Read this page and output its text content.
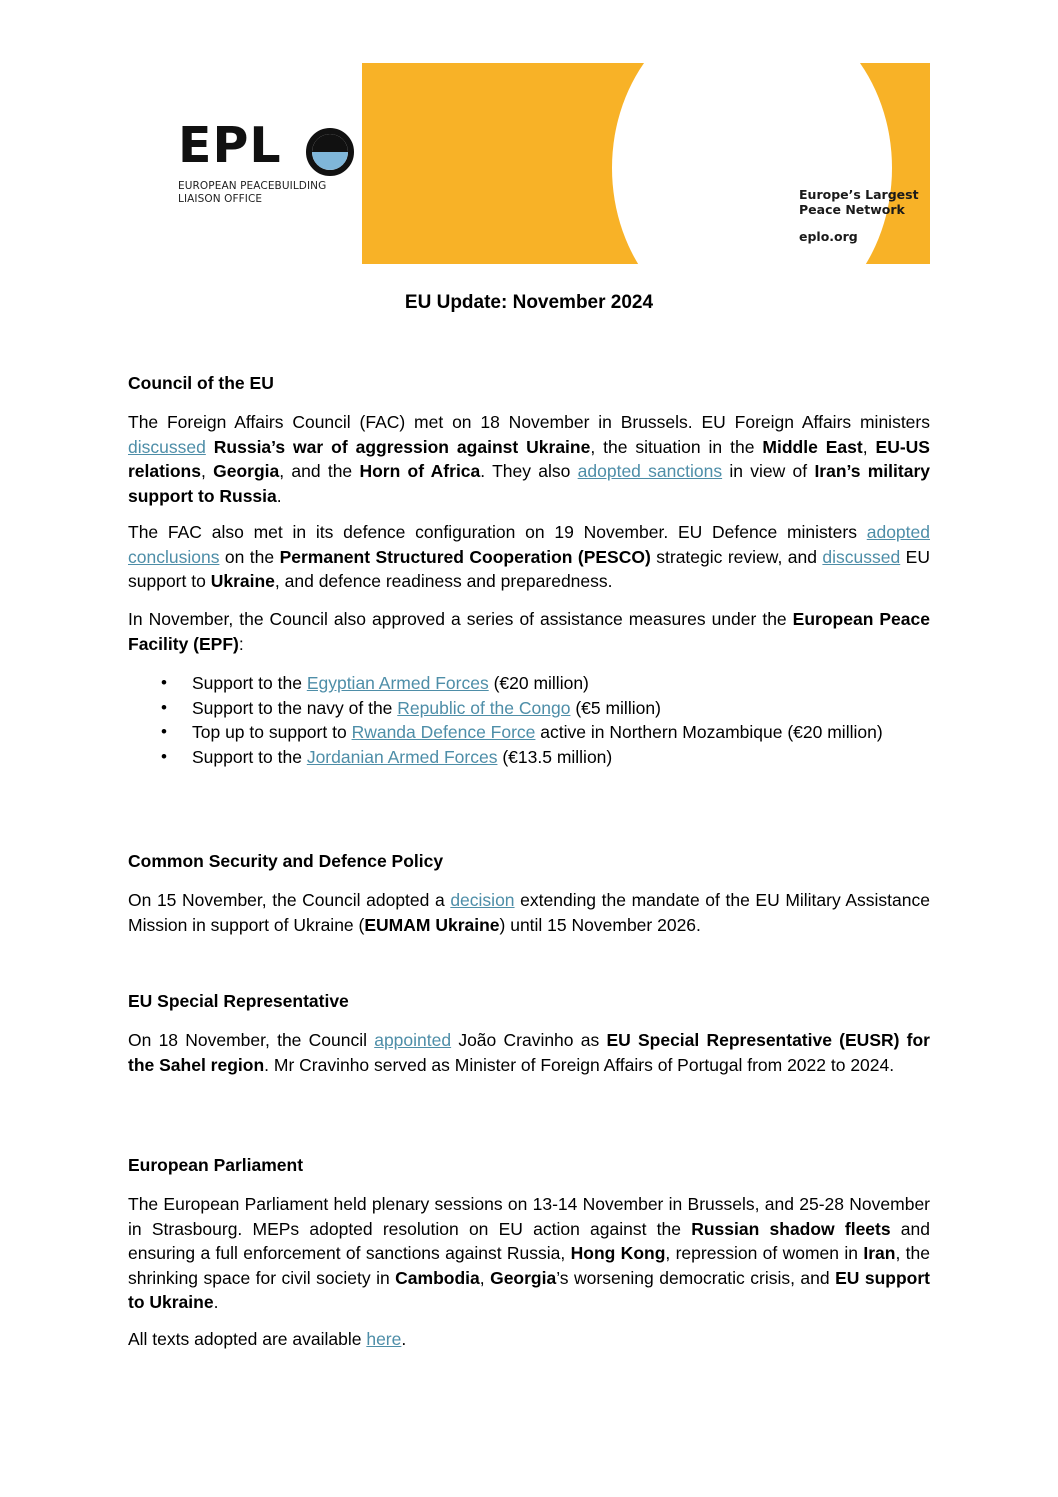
EPL
EUROPEAN PEACEBUILDING
LIAISON OFFICE	Europe’s Largest
Peace Network
eplo.org
EU Update: November 2024

Council of the EU

The Foreign Affairs Council (FAC) met on 18 November in Brussels. EU Foreign Affairs ministers discussed Russia’s war of aggression against Ukraine, the situation in the Middle East, EU-US relations, Georgia, and the Horn of Africa. They also adopted sanctions in view of Iran’s military support to Russia.

The FAC also met in its defence configuration on 19 November. EU Defence ministers adopted conclusions on the Permanent Structured Cooperation (PESCO) strategic review, and discussed EU support to Ukraine, and defence readiness and preparedness.

In November, the Council also approved a series of assistance measures under the European Peace Facility (EPF):

• Support to the Egyptian Armed Forces (€20 million)
• Support to the navy of the Republic of the Congo (€5 million)
• Top up to support to Rwanda Defence Force active in Northern Mozambique (€20 million)
• Support to the Jordanian Armed Forces (€13.5 million)

Common Security and Defence Policy

On 15 November, the Council adopted a decision extending the mandate of the EU Military Assistance Mission in support of Ukraine (EUMAM Ukraine) until 15 November 2026.

EU Special Representative

On 18 November, the Council appointed João Cravinho as EU Special Representative (EUSR) for the Sahel region. Mr Cravinho served as Minister of Foreign Affairs of Portugal from 2022 to 2024.

European Parliament

The European Parliament held plenary sessions on 13-14 November in Brussels, and 25-28 November in Strasbourg. MEPs adopted resolution on EU action against the Russian shadow fleets and ensuring a full enforcement of sanctions against Russia, Hong Kong, repression of women in Iran, the shrinking space for civil society in Cambodia, Georgia’s worsening democratic crisis, and EU support to Ukraine.

All texts adopted are available here.
